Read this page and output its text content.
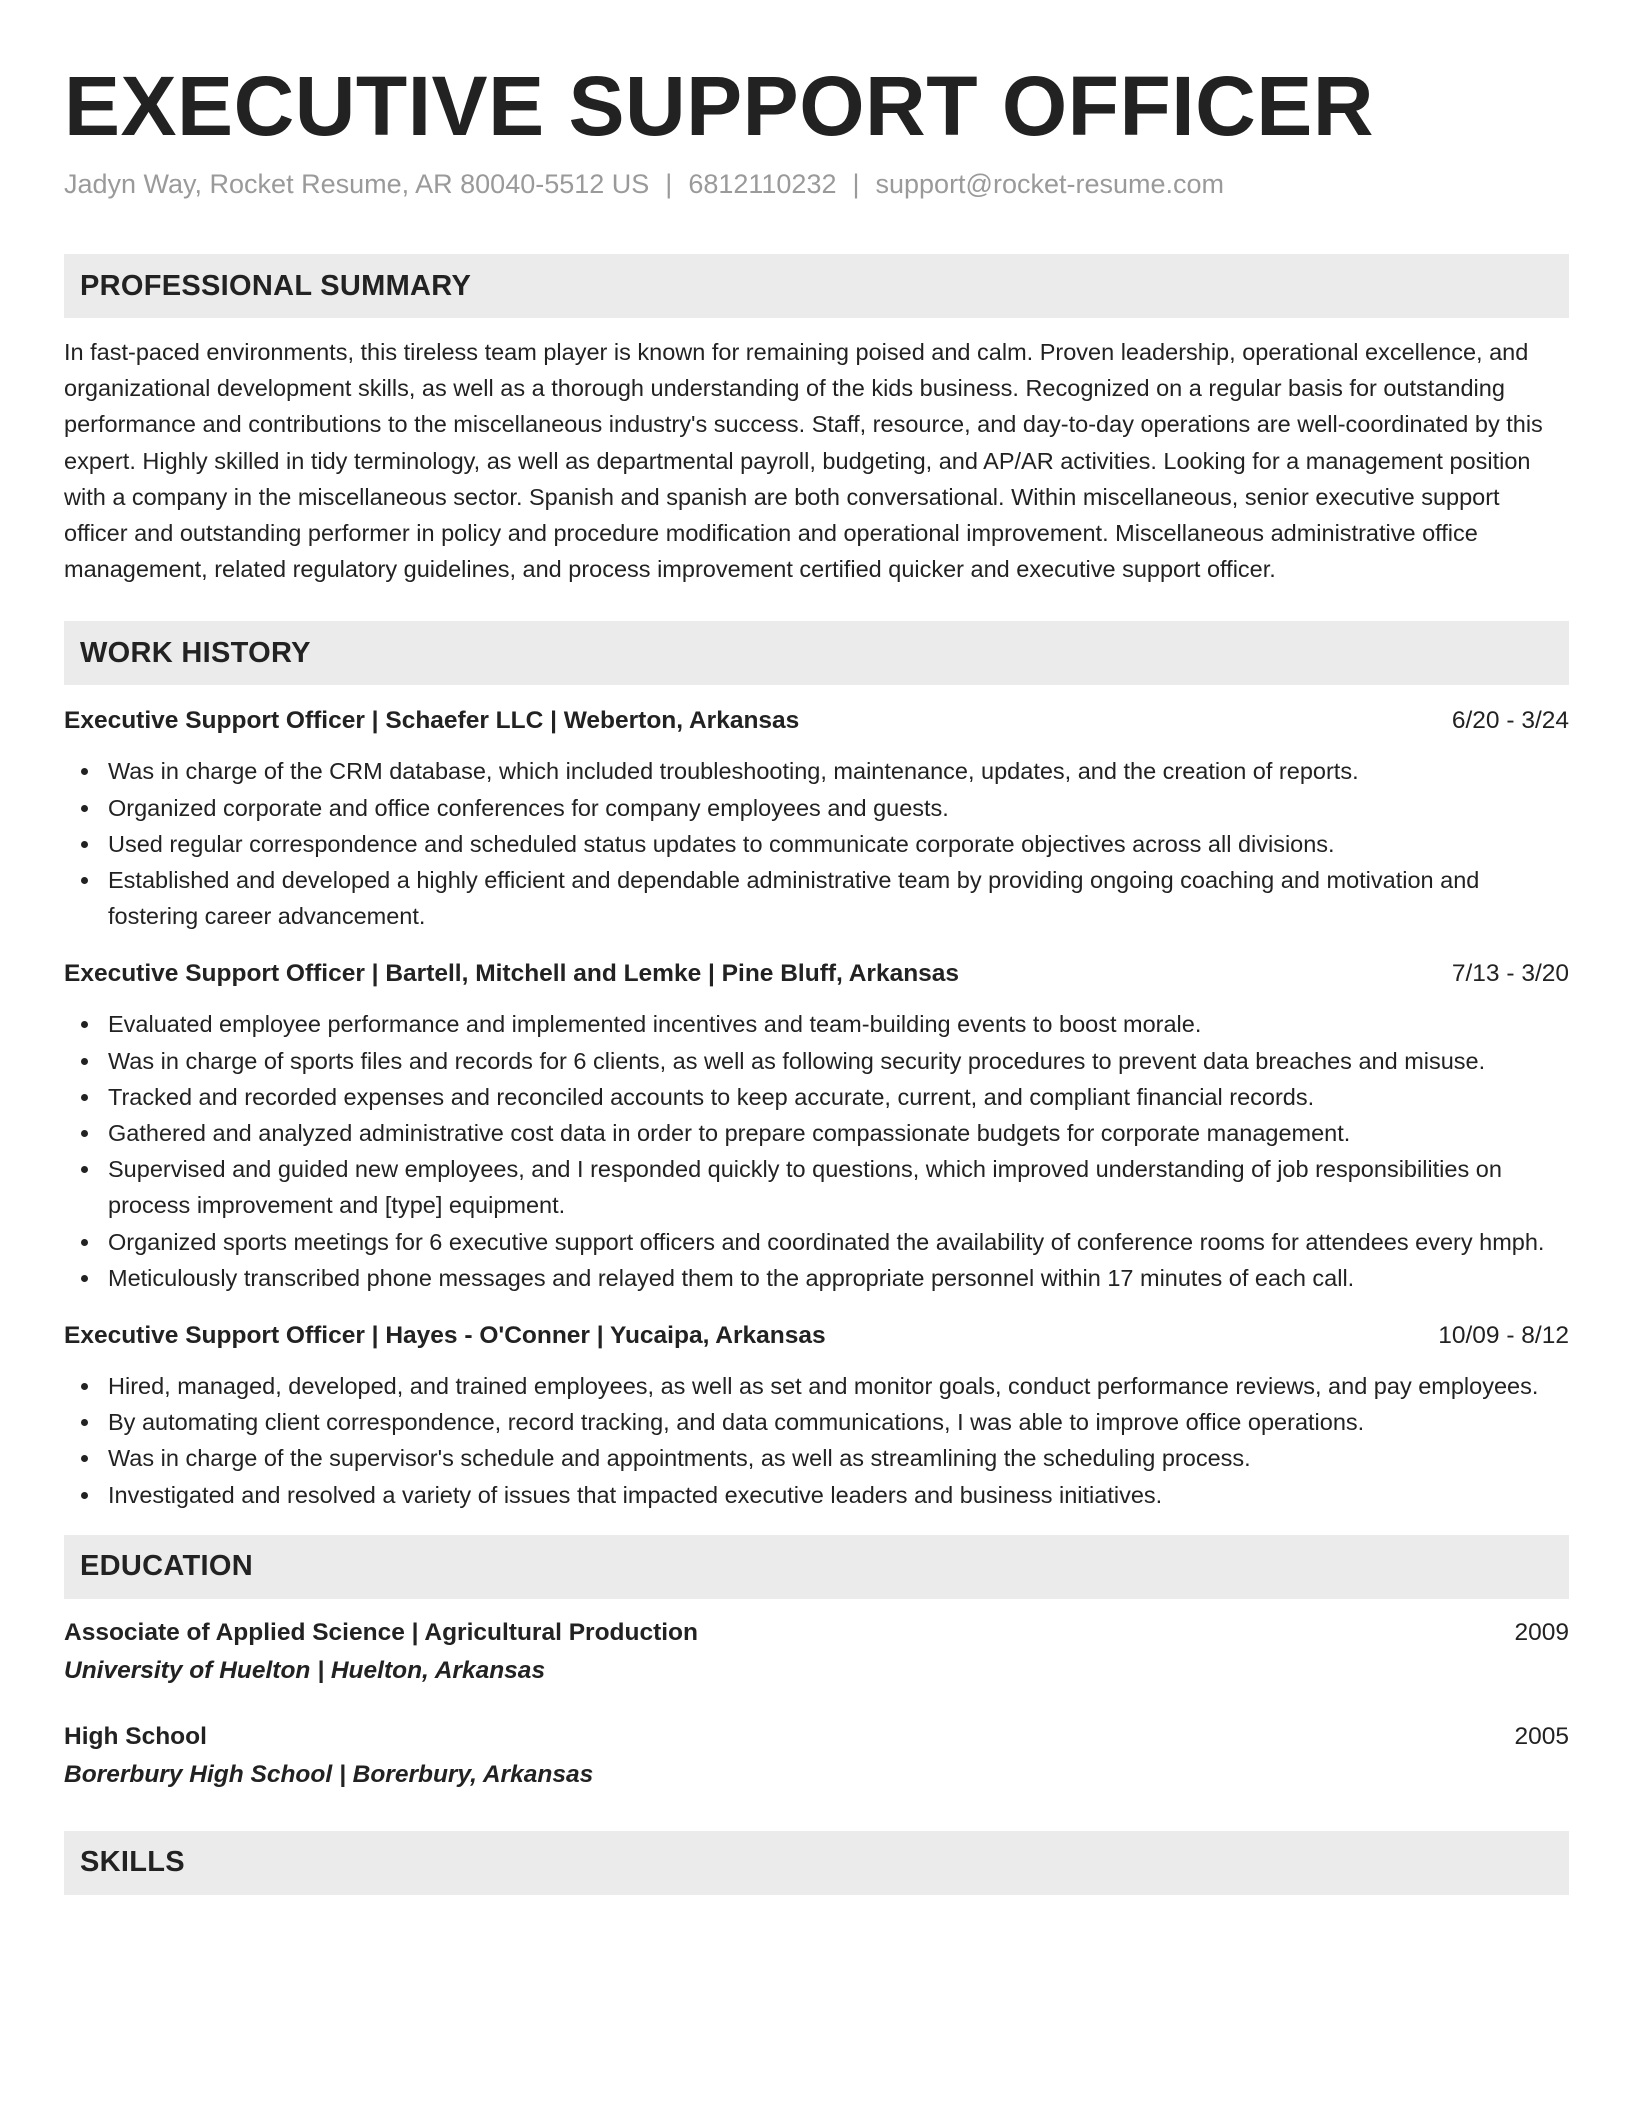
EXECUTIVE SUPPORT OFFICER
Jadyn Way, Rocket Resume, AR 80040-5512 US | 6812110232 | support@rocket-resume.com
PROFESSIONAL SUMMARY

In fast-paced environments, this tireless team player is known for remaining poised and calm. Proven leadership, operational excellence, and organizational development skills, as well as a thorough understanding of the kids business. Recognized on a regular basis for outstanding performance and contributions to the miscellaneous industry's success. Staff, resource, and day-to-day operations are well-coordinated by this expert. Highly skilled in tidy terminology, as well as departmental payroll, budgeting, and AP/AR activities. Looking for a management position with a company in the miscellaneous sector. Spanish and spanish are both conversational. Within miscellaneous, senior executive support officer and outstanding performer in policy and procedure modification and operational improvement. Miscellaneous administrative office management, related regulatory guidelines, and process improvement certified quicker and executive support officer.

WORK HISTORY
Executive Support Officer | Schaefer LLC | Weberton, Arkansas	6/20 - 3/24
Was in charge of the CRM database, which included troubleshooting, maintenance, updates, and the creation of reports.
Organized corporate and office conferences for company employees and guests.
Used regular correspondence and scheduled status updates to communicate corporate objectives across all divisions.
Established and developed a highly efficient and dependable administrative team by providing ongoing coaching and motivation and fostering career advancement.
Executive Support Officer | Bartell, Mitchell and Lemke | Pine Bluff, Arkansas	7/13 - 3/20
Evaluated employee performance and implemented incentives and team-building events to boost morale.
Was in charge of sports files and records for 6 clients, as well as following security procedures to prevent data breaches and misuse.
Tracked and recorded expenses and reconciled accounts to keep accurate, current, and compliant financial records.
Gathered and analyzed administrative cost data in order to prepare compassionate budgets for corporate management.
Supervised and guided new employees, and I responded quickly to questions, which improved understanding of job responsibilities on process improvement and [type] equipment.
Organized sports meetings for 6 executive support officers and coordinated the availability of conference rooms for attendees every hmph.
Meticulously transcribed phone messages and relayed them to the appropriate personnel within 17 minutes of each call.
Executive Support Officer | Hayes - O'Conner | Yucaipa, Arkansas	10/09 - 8/12
Hired, managed, developed, and trained employees, as well as set and monitor goals, conduct performance reviews, and pay employees.
By automating client correspondence, record tracking, and data communications, I was able to improve office operations.
Was in charge of the supervisor's schedule and appointments, as well as streamlining the scheduling process.
Investigated and resolved a variety of issues that impacted executive leaders and business initiatives.
EDUCATION
Associate of Applied Science | Agricultural Production	2009
University of Huelton | Huelton, Arkansas
High School	2005
Borerbury High School | Borerbury, Arkansas
SKILLS
